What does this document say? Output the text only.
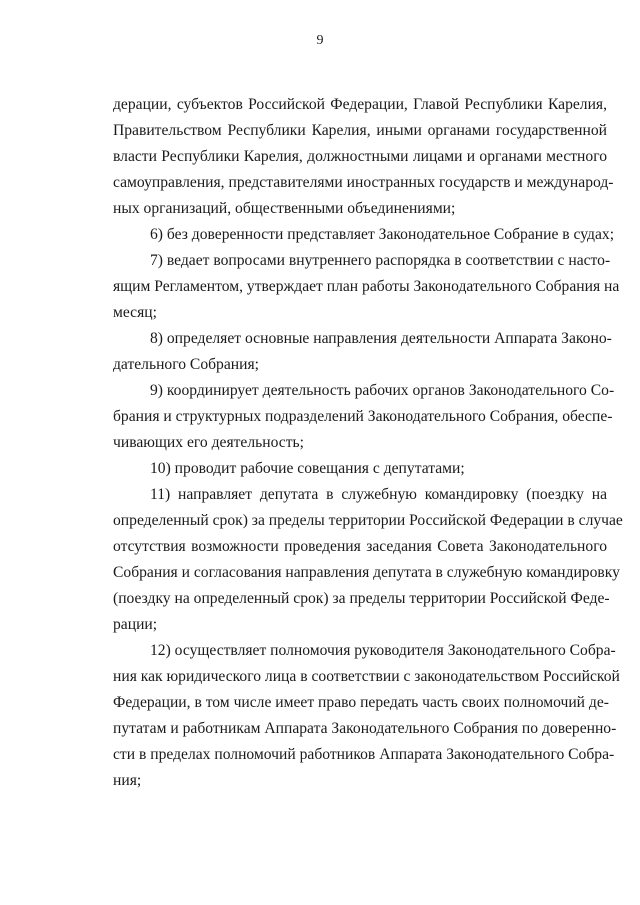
9

дерации, субъектов Российской Федерации, Главой Республики Карелия,
Правительством Республики Карелия, иными органами государственной
власти Республики Карелия, должностными лицами и органами местного
самоуправления, представителями иностранных государств и международ-
ных организаций, общественными объединениями;

6) без доверенности представляет Законодательное Собрание в судах;

7) ведает вопросами внутреннего распорядка в соответствии с насто-
ящим Регламентом, утверждает план работы Законодательного Собрания на
месяц;

8) определяет основные направления деятельности Аппарата Законо-
дательного Собрания;

9) координирует деятельность рабочих органов Законодательного Со-
брания и структурных подразделений Законодательного Собрания, обеспе-
чивающих его деятельность;

10) проводит рабочие совещания с депутатами;

11) направляет депутата в служебную командировку (поездку на
определенный срок) за пределы территории Российской Федерации в случае
отсутствия возможности проведения заседания Совета Законодательного
Собрания и согласования направления депутата в служебную командировку
(поездку на определенный срок) за пределы территории Российской Феде-
рации;

12) осуществляет полномочия руководителя Законодательного Собра-
ния как юридического лица в соответствии с законодательством Российской
Федерации, в том числе имеет право передать часть своих полномочий де-
путатам и работникам Аппарата Законодательного Собрания по доверенно-
сти в пределах полномочий работников Аппарата Законодательного Собра-
ния;
